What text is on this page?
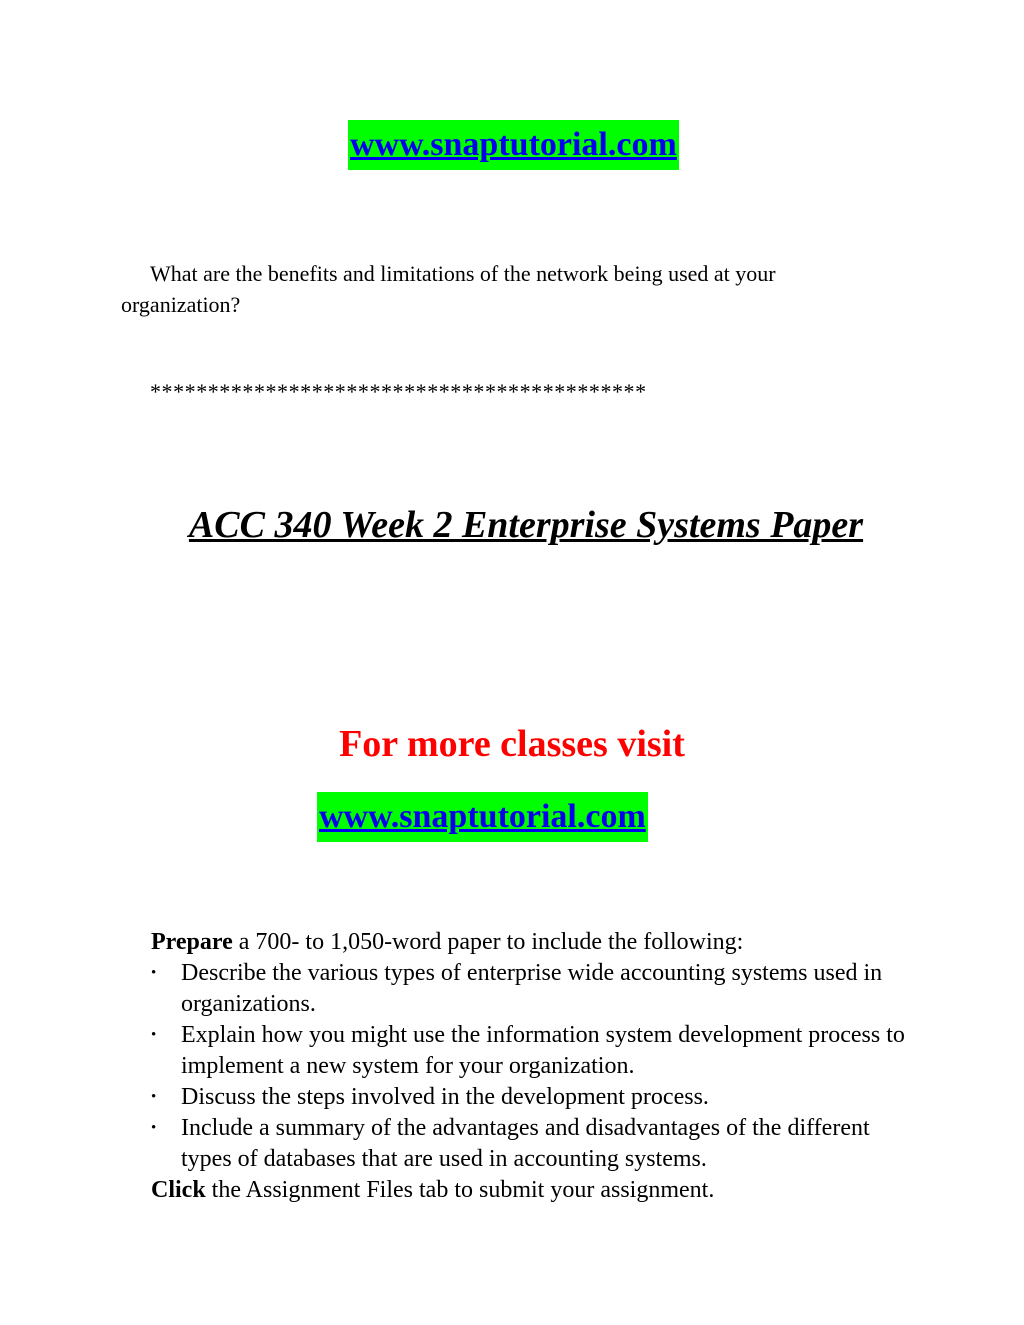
www.snaptutorial.com
What are the benefits and limitations of the network being used at your organization?
*******************************************
ACC 340 Week 2 Enterprise Systems Paper
For more classes visit
www.snaptutorial.com
Prepare a 700- to 1,050-word paper to include the following:
•	Describe the various types of enterprise wide accounting systems used in organizations.
•	Explain how you might use the information system development process to implement a new system for your organization.
•	Discuss the steps involved in the development process.
•	Include a summary of the advantages and disadvantages of the different types of databases that are used in accounting systems.
Click the Assignment Files tab to submit your assignment.
